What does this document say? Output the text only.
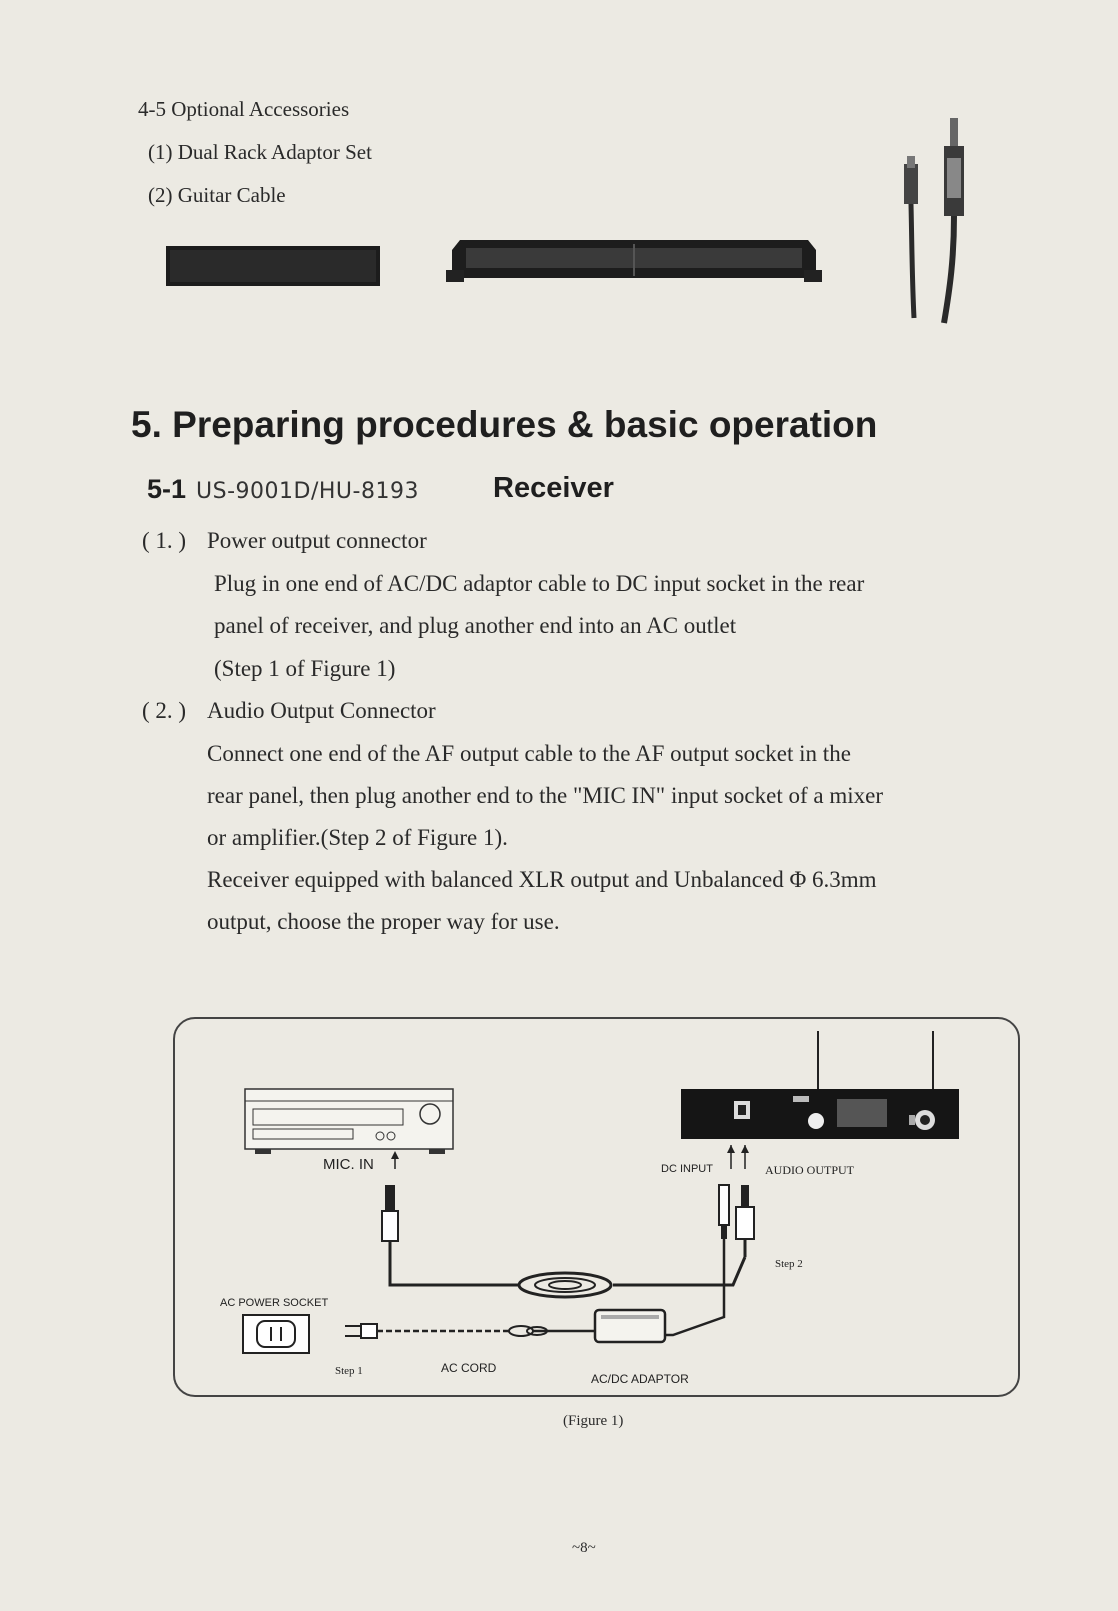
4-5 Optional Accessories
(1) Dual Rack Adaptor Set
(2) Guitar Cable
5. Preparing procedures & basic operation
5-1 US-9001D/HU-8193	Receiver
( 1. ) Power output connector
Plug in one end of AC/DC adaptor cable to DC input socket in the rear
panel of receiver, and plug another end into an AC outlet
(Step 1 of Figure 1)
( 2. ) Audio Output Connector
Connect one end of the AF output cable to the AF output socket in the
rear panel, then plug another end to the "MIC IN" input socket of a mixer
or amplifier.(Step 2 of Figure 1).
Receiver equipped with balanced XLR output and Unbalanced Φ 6.3mm
output, choose the proper way for use.
MIC. IN	DC INPUT	AUDIO OUTPUT
Step 2
AC POWER SOCKET
Step 1	AC CORD
AC/DC ADAPTOR
(Figure 1)
~8~
